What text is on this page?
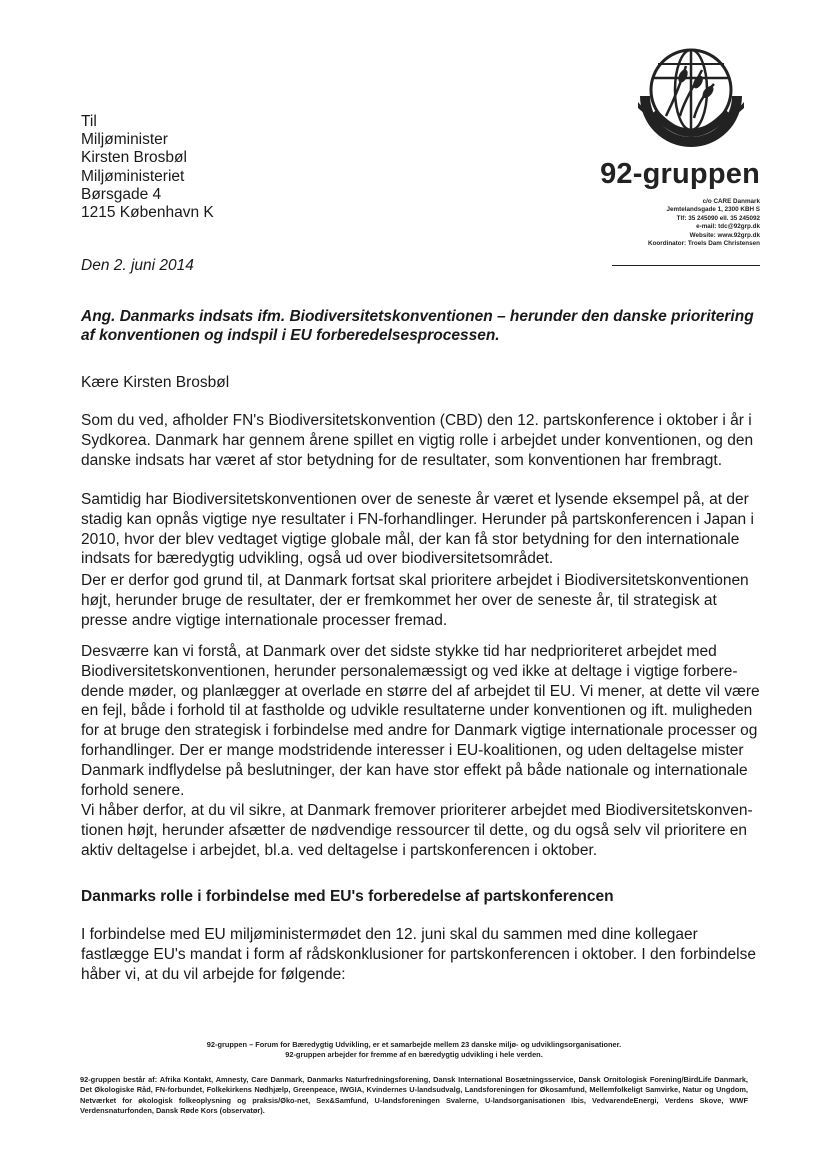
Til
Miljøminister
Kirsten Brosbøl
Miljøministeriet
Børsgade 4
1215 København K
92-gruppen
c/o CARE Danmark
Jemtelandsgade 1, 2300 KBH S
Tlf: 35 245090 ell. 35 245092
e-mail: tdc@92grp.dk
Website: www.92grp.dk
Koordinator: Troels Dam Christensen
Den 2. juni 2014
Ang. Danmarks indsats ifm. Biodiversitetskonventionen – herunder den danske prioritering af konventionen og indspil i EU forberedelsesprocessen.
Kære Kirsten Brosbøl
Som du ved, afholder FN's Biodiversitetskonvention (CBD) den 12. partskonference i oktober i år i Sydkorea. Danmark har gennem årene spillet en vigtig rolle i arbejdet under konventionen, og den danske indsats har været af stor betydning for de resultater, som konventionen har frembragt.
Samtidig har Biodiversitetskonventionen over de seneste år været et lysende eksempel på, at der stadig kan opnås vigtige nye resultater i FN-forhandlinger. Herunder på partskonferencen i Japan i 2010, hvor der blev vedtaget vigtige globale mål, der kan få stor betydning for den internationale indsats for bæredygtig udvikling, også ud over biodiversitetsområdet.
Der er derfor god grund til, at Danmark fortsat skal prioritere arbejdet i Biodiversitetskonventionen højt, herunder bruge de resultater, der er fremkommet her over de seneste år, til strategisk at presse andre vigtige internationale processer fremad.
Desværre kan vi forstå, at Danmark over det sidste stykke tid har nedprioriteret arbejdet med Biodiversitetskonventionen, herunder personalemæssigt og ved ikke at deltage i vigtige forbere-dende møder, og planlægger at overlade en større del af arbejdet til EU. Vi mener, at dette vil være en fejl, både i forhold til at fastholde og udvikle resultaterne under konventionen og ift. muligheden for at bruge den strategisk i forbindelse med andre for Danmark vigtige internationale processer og forhandlinger. Der er mange modstridende interesser i EU-koalitionen, og uden deltagelse mister Danmark indflydelse på beslutninger, der kan have stor effekt på både nationale og internationale forhold senere.
Vi håber derfor, at du vil sikre, at Danmark fremover prioriterer arbejdet med Biodiversitetskonven-tionen højt, herunder afsætter de nødvendige ressourcer til dette, og du også selv vil prioritere en aktiv deltagelse i arbejdet, bl.a. ved deltagelse i partskonferencen i oktober.
Danmarks rolle i forbindelse med EU's forberedelse af partskonferencen
I forbindelse med EU miljøministermødet den 12. juni skal du sammen med dine kollegaer fastlægge EU's mandat i form af rådskonklusioner for partskonferencen i oktober. I den forbindelse håber vi, at du vil arbejde for følgende:
92-gruppen – Forum for Bæredygtig Udvikling, er et samarbejde mellem 23 danske miljø- og udviklingsorganisationer.
92-gruppen arbejder for fremme af en bæredygtig udvikling i hele verden.
92-gruppen består af: Afrika Kontakt, Amnesty, Care Danmark, Danmarks Naturfredningsforening, Dansk International Bosætningsservice, Dansk Ornitologisk Forening/BirdLife Danmark, Det Økologiske Råd, FN-forbundet, Folkekirkens Nødhjælp, Greenpeace, IWGIA, Kvindernes U-landsudvalg, Landsforeningen for Økosamfund, Mellemfolkeligt Samvirke, Natur og Ungdom, Netværket for økologisk folkeoplysning og praksis/Øko-net, Sex&Samfund, U-landsforeningen Svalerne, U-landsorganisationen Ibis, VedvarendeEnergi, Verdens Skove, WWF Verdensnaturfonden, Dansk Røde Kors (observatør).
